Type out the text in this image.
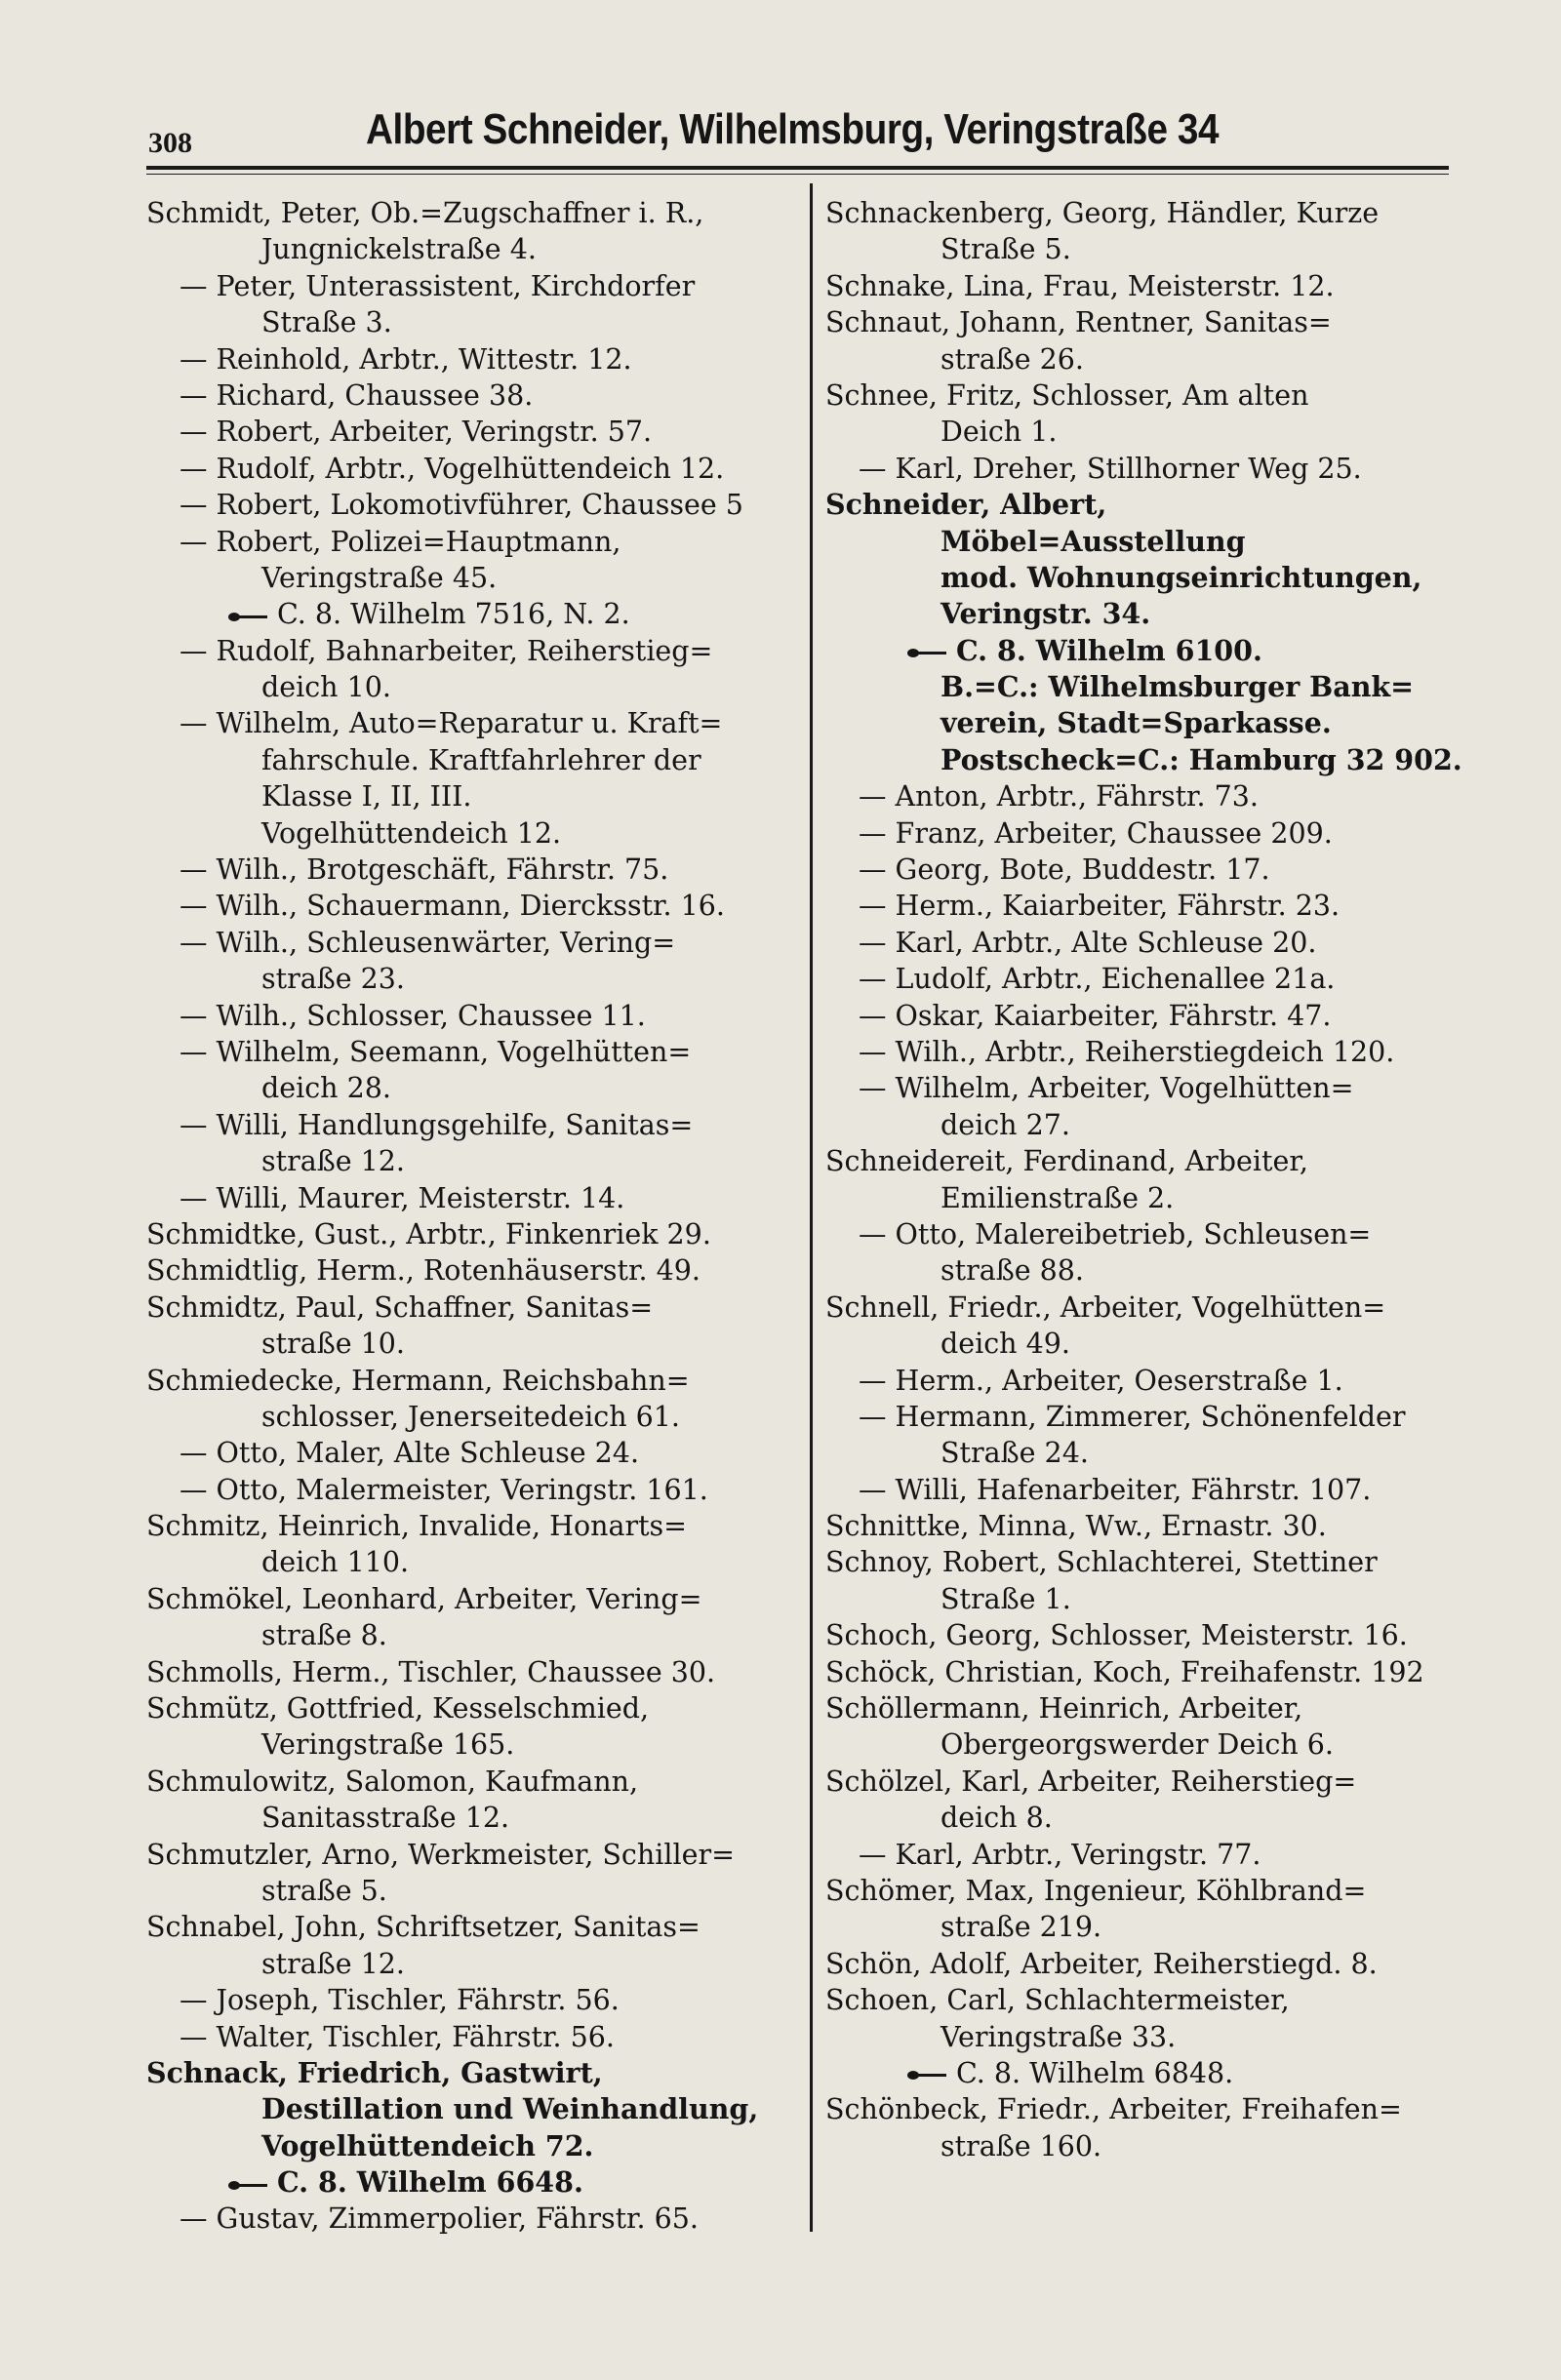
308	Albert Schneider, Wilhelmsburg, Veringstraße 34
Schmidt, Peter, Ob.=Zugschaffner i. R.,
Jungnickelstraße 4.
— Peter, Unterassistent, Kirchdorfer
Straße 3.
— Reinhold, Arbtr., Wittestr. 12.
— Richard, Chaussee 38.
— Robert, Arbeiter, Veringstr. 57.
— Rudolf, Arbtr., Vogelhüttendeich 12.
— Robert, Lokomotivführer, Chaussee 5
— Robert, Polizei=Hauptmann,
Veringstraße 45.
C. 8. Wilhelm 7516, N. 2.
— Rudolf, Bahnarbeiter, Reiherstieg=
deich 10.
— Wilhelm, Auto=Reparatur u. Kraft=
fahrschule. Kraftfahrlehrer der
Klasse I, II, III.
Vogelhüttendeich 12.
— Wilh., Brotgeschäft, Fährstr. 75.
— Wilh., Schauermann, Diercksstr. 16.
— Wilh., Schleusenwärter, Vering=
straße 23.
— Wilh., Schlosser, Chaussee 11.
— Wilhelm, Seemann, Vogelhütten=
deich 28.
— Willi, Handlungsgehilfe, Sanitas=
straße 12.
— Willi, Maurer, Meisterstr. 14.
Schmidtke, Gust., Arbtr., Finkenriek 29.
Schmidtlig, Herm., Rotenhäuserstr. 49.
Schmidtz, Paul, Schaffner, Sanitas=
straße 10.
Schmiedecke, Hermann, Reichsbahn=
schlosser, Jenerseitedeich 61.
— Otto, Maler, Alte Schleuse 24.
— Otto, Malermeister, Veringstr. 161.
Schmitz, Heinrich, Invalide, Honarts=
deich 110.
Schmökel, Leonhard, Arbeiter, Vering=
straße 8.
Schmolls, Herm., Tischler, Chaussee 30.
Schmütz, Gottfried, Kesselschmied,
Veringstraße 165.
Schmulowitz, Salomon, Kaufmann,
Sanitasstraße 12.
Schmutzler, Arno, Werkmeister, Schiller=
straße 5.
Schnabel, John, Schriftsetzer, Sanitas=
straße 12.
— Joseph, Tischler, Fährstr. 56.
— Walter, Tischler, Fährstr. 56.
Schnack, Friedrich, Gastwirt,
Destillation und Weinhandlung,
Vogelhüttendeich 72.
C. 8. Wilhelm 6648.
— Gustav, Zimmerpolier, Fährstr. 65.
Schnackenberg, Georg, Händler, Kurze
Straße 5.
Schnake, Lina, Frau, Meisterstr. 12.
Schnaut, Johann, Rentner, Sanitas=
straße 26.
Schnee, Fritz, Schlosser, Am alten
Deich 1.
— Karl, Dreher, Stillhorner Weg 25.
Schneider, Albert,
Möbel=Ausstellung
mod. Wohnungseinrichtungen,
Veringstr. 34.
C. 8. Wilhelm 6100.
B.=C.: Wilhelmsburger Bank=
verein, Stadt=Sparkasse.
Postscheck=C.: Hamburg 32 902.
— Anton, Arbtr., Fährstr. 73.
— Franz, Arbeiter, Chaussee 209.
— Georg, Bote, Buddestr. 17.
— Herm., Kaiarbeiter, Fährstr. 23.
— Karl, Arbtr., Alte Schleuse 20.
— Ludolf, Arbtr., Eichenallee 21a.
— Oskar, Kaiarbeiter, Fährstr. 47.
— Wilh., Arbtr., Reiherstiegdeich 120.
— Wilhelm, Arbeiter, Vogelhütten=
deich 27.
Schneidereit, Ferdinand, Arbeiter,
Emilienstraße 2.
— Otto, Malereibetrieb, Schleusen=
straße 88.
Schnell, Friedr., Arbeiter, Vogelhütten=
deich 49.
— Herm., Arbeiter, Oeserstraße 1.
— Hermann, Zimmerer, Schönenfelder
Straße 24.
— Willi, Hafenarbeiter, Fährstr. 107.
Schnittke, Minna, Ww., Ernastr. 30.
Schnoy, Robert, Schlachterei, Stettiner
Straße 1.
Schoch, Georg, Schlosser, Meisterstr. 16.
Schöck, Christian, Koch, Freihafenstr. 192
Schöllermann, Heinrich, Arbeiter,
Obergeorgswerder Deich 6.
Schölzel, Karl, Arbeiter, Reiherstieg=
deich 8.
— Karl, Arbtr., Veringstr. 77.
Schömer, Max, Ingenieur, Köhlbrand=
straße 219.
Schön, Adolf, Arbeiter, Reiherstiegd. 8.
Schoen, Carl, Schlachtermeister,
Veringstraße 33.
C. 8. Wilhelm 6848.
Schönbeck, Friedr., Arbeiter, Freihafen=
straße 160.
